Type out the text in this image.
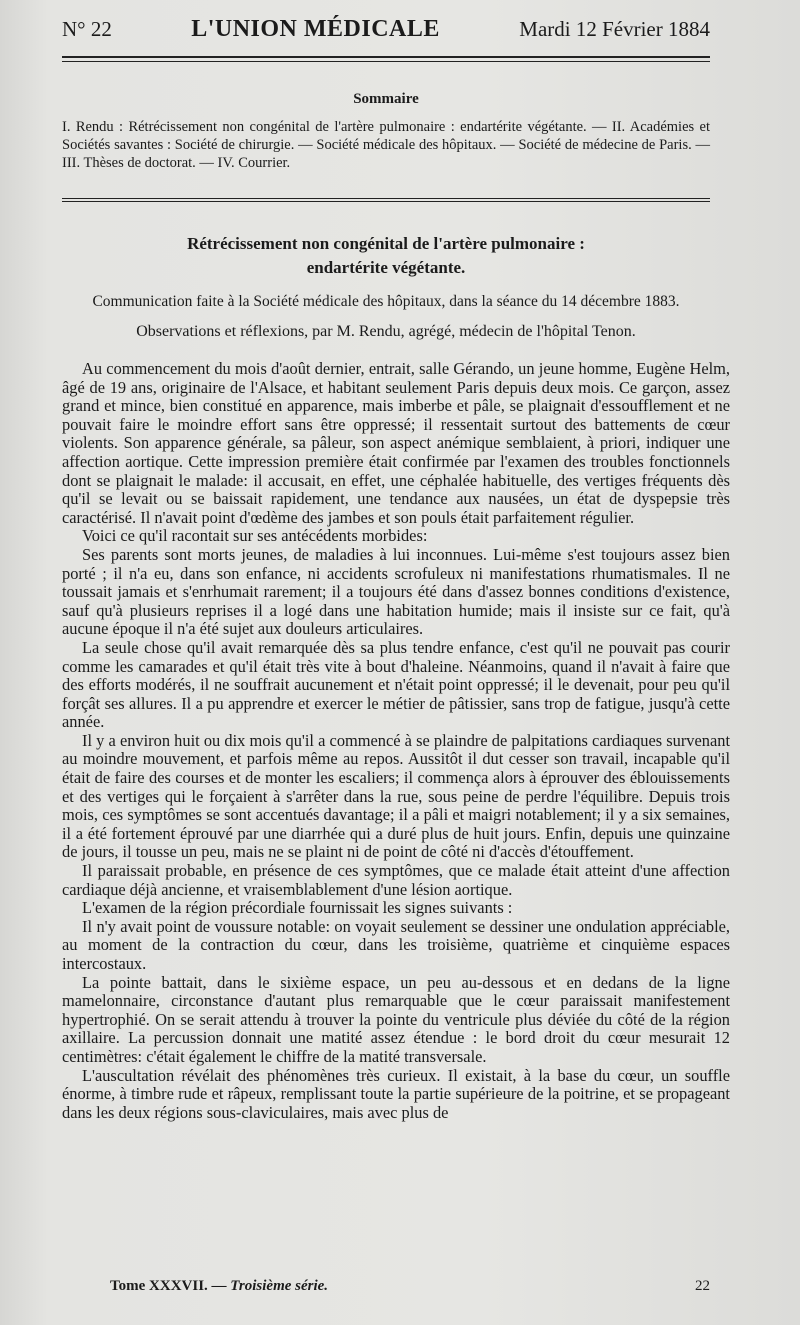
N° 22	L'UNION MÉDICALE	Mardi 12 Février 1884
Sommaire
I. Rendu : Rétrécissement non congénital de l'artère pulmonaire : endartérite végétante. — II. Académies et Sociétés savantes : Société de chirurgie. — Société médicale des hôpitaux. — Société de médecine de Paris. — III. Thèses de doctorat. — IV. Courrier.
Rétrécissement non congénital de l'artère pulmonaire :
endartérite végétante.
Communication faite à la Société médicale des hôpitaux, dans la séance du 14 décembre 1883.
Observations et réflexions, par M. Rendu, agrégé, médecin de l'hôpital Tenon.

Au commencement du mois d'août dernier, entrait, salle Gérando, un jeune homme, Eugène Helm, âgé de 19 ans, originaire de l'Alsace, et habitant seulement Paris depuis deux mois. Ce garçon, assez grand et mince, bien constitué en apparence, mais imberbe et pâle, se plaignait d'essoufflement et ne pouvait faire le moindre effort sans être oppressé; il ressentait surtout des battements de cœur violents. Son apparence générale, sa pâleur, son aspect anémique semblaient, à priori, indiquer une affection aortique. Cette impression première était confirmée par l'examen des troubles fonctionnels dont se plaignait le malade: il accusait, en effet, une céphalée habituelle, des vertiges fréquents dès qu'il se levait ou se baissait rapidement, une tendance aux nausées, un état de dyspepsie très caractérisé. Il n'avait point d'œdème des jambes et son pouls était parfaitement régulier.

Voici ce qu'il racontait sur ses antécédents morbides:

Ses parents sont morts jeunes, de maladies à lui inconnues. Lui-même s'est toujours assez bien porté ; il n'a eu, dans son enfance, ni accidents scrofuleux ni manifestations rhumatismales. Il ne toussait jamais et s'enrhumait rarement; il a toujours été dans d'assez bonnes conditions d'existence, sauf qu'à plusieurs reprises il a logé dans une habitation humide; mais il insiste sur ce fait, qu'à aucune époque il n'a été sujet aux douleurs articulaires.

La seule chose qu'il avait remarquée dès sa plus tendre enfance, c'est qu'il ne pouvait pas courir comme les camarades et qu'il était très vite à bout d'haleine. Néanmoins, quand il n'avait à faire que des efforts modérés, il ne souffrait aucunement et n'était point oppressé; il le devenait, pour peu qu'il forçât ses allures. Il a pu apprendre et exercer le métier de pâtissier, sans trop de fatigue, jusqu'à cette année.

Il y a environ huit ou dix mois qu'il a commencé à se plaindre de palpitations cardiaques survenant au moindre mouvement, et parfois même au repos. Aussitôt il dut cesser son travail, incapable qu'il était de faire des courses et de monter les escaliers; il commença alors à éprouver des éblouissements et des vertiges qui le forçaient à s'arrêter dans la rue, sous peine de perdre l'équilibre. Depuis trois mois, ces symptômes se sont accentués davantage; il a pâli et maigri notablement; il y a six semaines, il a été fortement éprouvé par une diarrhée qui a duré plus de huit jours. Enfin, depuis une quinzaine de jours, il tousse un peu, mais ne se plaint ni de point de côté ni d'accès d'étouffement.

Il paraissait probable, en présence de ces symptômes, que ce malade était atteint d'une affection cardiaque déjà ancienne, et vraisemblablement d'une lésion aortique.

L'examen de la région précordiale fournissait les signes suivants :

Il n'y avait point de voussure notable: on voyait seulement se dessiner une ondulation appréciable, au moment de la contraction du cœur, dans les troisième, quatrième et cinquième espaces intercostaux.

La pointe battait, dans le sixième espace, un peu au-dessous et en dedans de la ligne mamelonnaire, circonstance d'autant plus remarquable que le cœur paraissait manifestement hypertrophié. On se serait attendu à trouver la pointe du ventricule plus déviée du côté de la région axillaire. La percussion donnait une matité assez étendue : le bord droit du cœur mesurait 12 centimètres: c'était également le chiffre de la matité transversale.

L'auscultation révélait des phénomènes très curieux. Il existait, à la base du cœur, un souffle énorme, à timbre rude et râpeux, remplissant toute la partie supérieure de la poitrine, et se propageant dans les deux régions sous-claviculaires, mais avec plus de

Tome XXXVII. — Troisième série.	22
